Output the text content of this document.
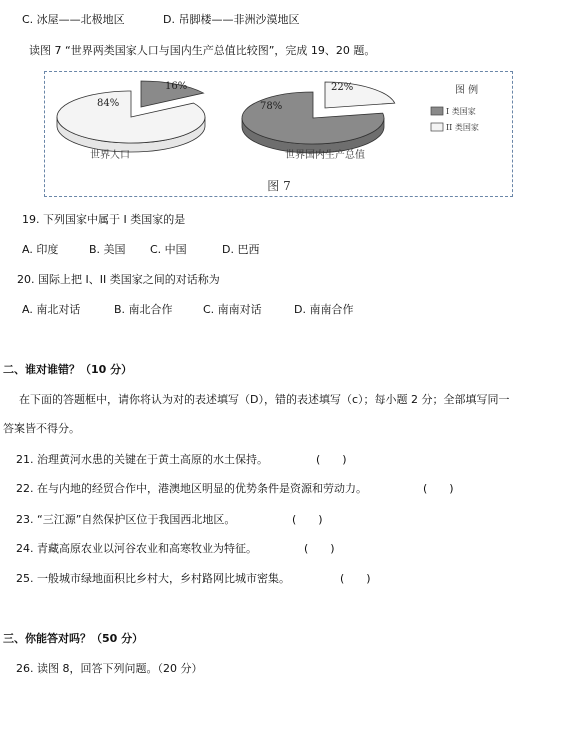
C. 冰屋——北极地区	D. 吊脚楼——非洲沙漠地区
读图 7 “世界两类国家人口与国内生产总值比较图”，完成 19、20 题。
16%
84%	78%
22%
世界人口	世界国内生产总值
图 7
图 例
I 类国家
II 类国家
19. 下列国家中属于 I 类国家的是
A. 印度	B. 美国 C. 中国	D. 巴西
20. 国际上把 I、II 类国家之间的对话称为
A. 南北对话	B. 南北合作	C. 南南对话	D. 南南合作
二、谁对谁错？（10 分）
在下面的答题框中，请你将认为对的表述填写（D），错的表述填写（c）；每小题 2 分；全部填写同一
答案皆不得分。
21. 治理黄河水患的关键在于黄土高原的水土保持。	(　　)
22. 在与内地的经贸合作中，港澳地区明显的优势条件是资源和劳动力。	(　　)
23. “三江源”自然保护区位于我国西北地区。	(　　)
24. 青藏高原农业以河谷农业和高寒牧业为特征。	(　　)
25. 一般城市绿地面积比乡村大，乡村路网比城市密集。	(　　)
三、你能答对吗？（50 分）
26. 读图 8，回答下列问题。（20 分）
